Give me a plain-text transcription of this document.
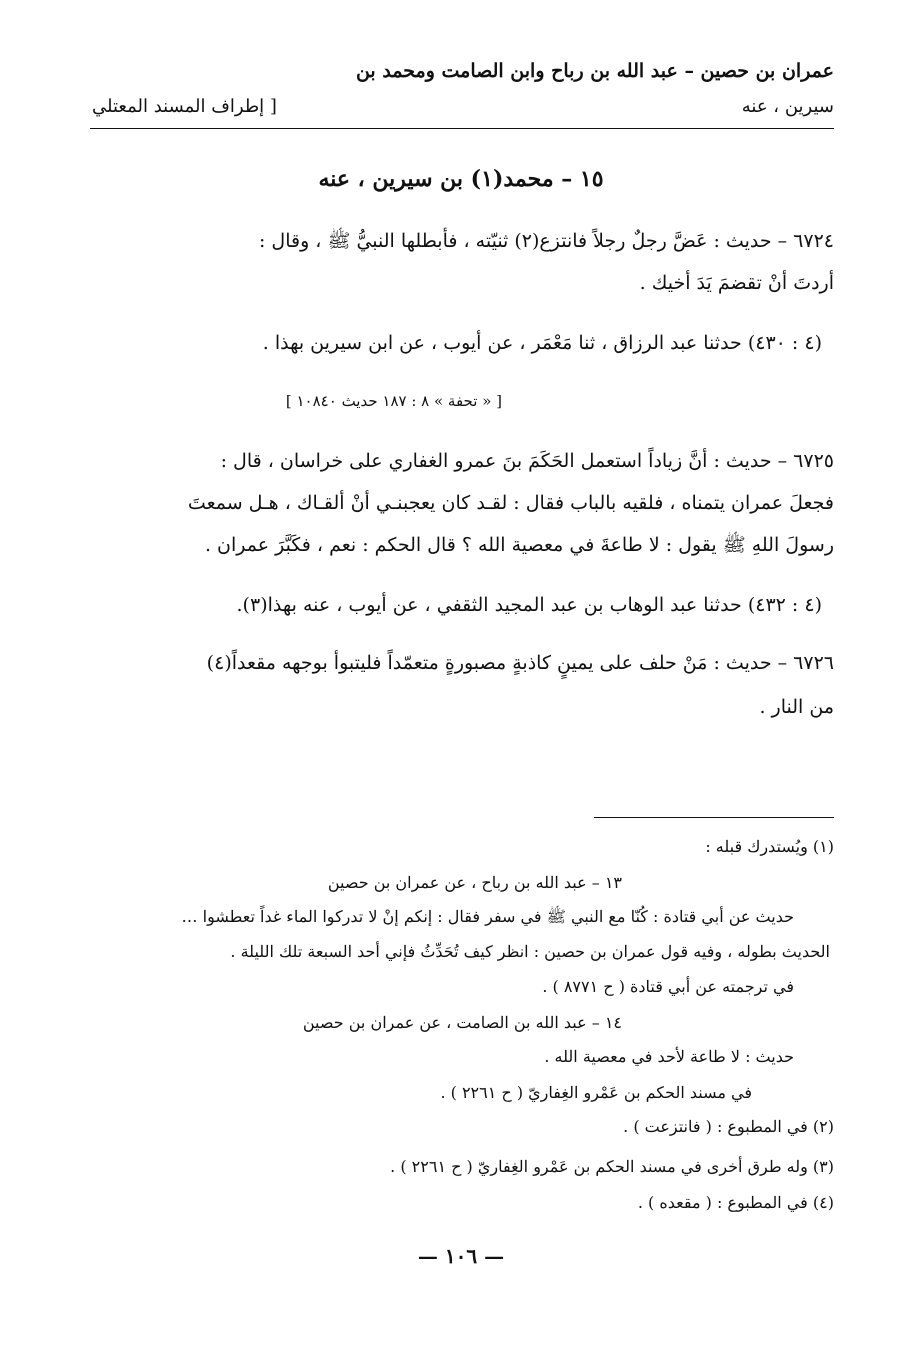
عمران بن حصين – عبد الله بن رباح وابن الصامت ومحمد بن
سيرين ، عنه
[ إطراف المسند المعتلي
١٥ – محمد(١) بن سيرين ، عنه
٦٧٢٤ – حديث : عَضَّ رجلٌ رجلاً فانتزع(٢) ثنيّته ، فأبطلها النبيُّ ﷺ ، وقال :
أردتَ أنْ تقضمَ يَدَ أخيك .
(٤ : ٤٣٠) حدثنا عبد الرزاق ، ثنا مَعْمَر ، عن أيوب ، عن ابن سيرين بهذا .
[ « تحفة » ٨ : ١٨٧ حديث ١٠٨٤٠ ]
٦٧٢٥ – حديث : أنَّ زياداً استعمل الحَكَمَ بنَ عمرو الغفاري على خراسان ، قال :
فجعلَ عمران يتمناه ، فلقيه بالباب فقال : لقـد كان يعجبنـي أنْ ألقـاك ، هـل سمعتَ
رسولَ اللهِ ﷺ يقول : لا طاعةَ في معصية الله ؟ قال الحكم : نعم ، فكَبَّرَ عمران .
(٤ : ٤٣٢) حدثنا عبد الوهاب بن عبد المجيد الثقفي ، عن أيوب ، عنه بهذا(٣).
٦٧٢٦ – حديث : مَنْ حلف على يمينٍ كاذبةٍ مصبورةٍ متعمّداً فليتبوأ بوجهه مقعداً(٤)
من النار .
(١) ويُستدرك قبله :
١٣ – عبد الله بن رباح ، عن عمران بن حصين
حديث عن أبي قتادة : كُنّا مع النبي ﷺ في سفر فقال : إنكم إنْ لا تدركوا الماء غداً تعطشوا …
الحديث بطوله ، وفيه قول عمران بن حصين : انظر كيف تُحَدِّثُ فإني أحد السبعة تلك الليلة .
في ترجمته عن أبي قتادة ( ح ٨٧٧١ ) .
١٤ – عبد الله بن الصامت ، عن عمران بن حصين
حديث : لا طاعة لأحد في معصية الله .
في مسند الحكم بن عَمْرو الغِفاريّ ( ح ٢٢٦١ ) .
(٢) في المطبوع : ( فانتزعت ) .
(٣) وله طرق أخرى في مسند الحكم بن عَمْرو الغِفاريّ ( ح ٢٢٦١ ) .
(٤) في المطبوع : ( مقعده ) .
— ١٠٦ —
